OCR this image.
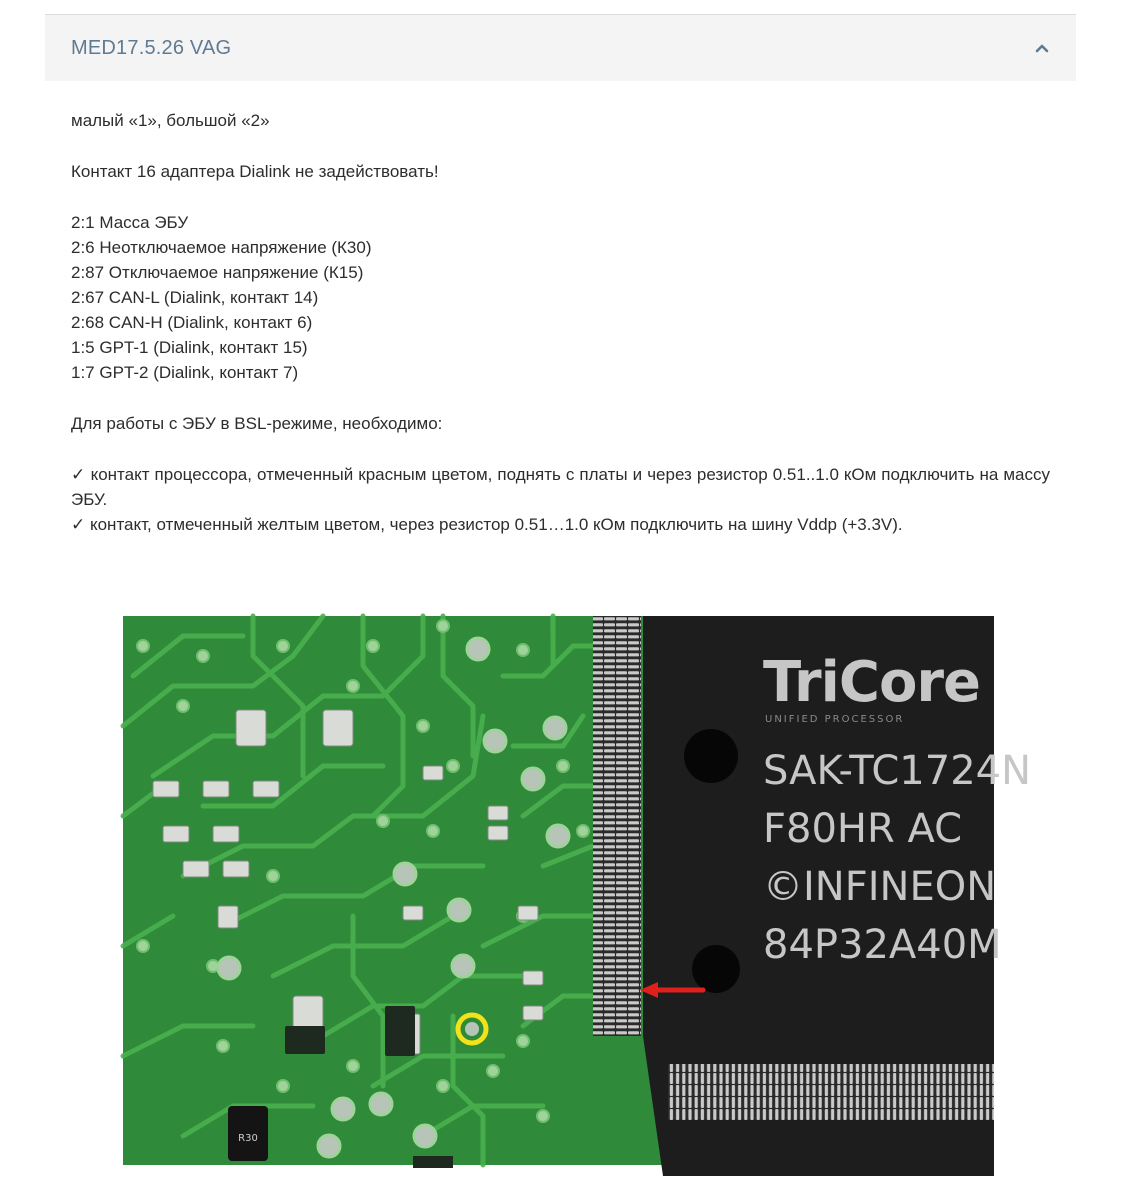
MED17.5.26 VAG

малый «1», большой «2»

Контакт 16 адаптера Dialink не задействовать!

2:1 Масса ЭБУ

2:6 Неотключаемое напряжение (К30)

2:87 Отключаемое напряжение (К15)

2:67 CAN-L (Dialink, контакт 14)

2:68 CAN-H (Dialink, контакт 6)

1:5 GPT-1 (Dialink, контакт 15)

1:7 GPT-2 (Dialink, контакт 7)

Для работы с ЭБУ в BSL-режиме, необходимо:

✓ контакт процессора, отмеченный красным цветом, поднять с платы и через резистор 0.51..1.0 кОм подключить на массу ЭБУ.

✓ контакт, отмеченный желтым цветом, через резистор 0.51…1.0 кОм подключить на шину Vddp (+3.3V).

R30
TriCore
UNIFIED PROCESSOR
SAK-TC1724N
F80HR AC
©INFINEON
84P32A40M
